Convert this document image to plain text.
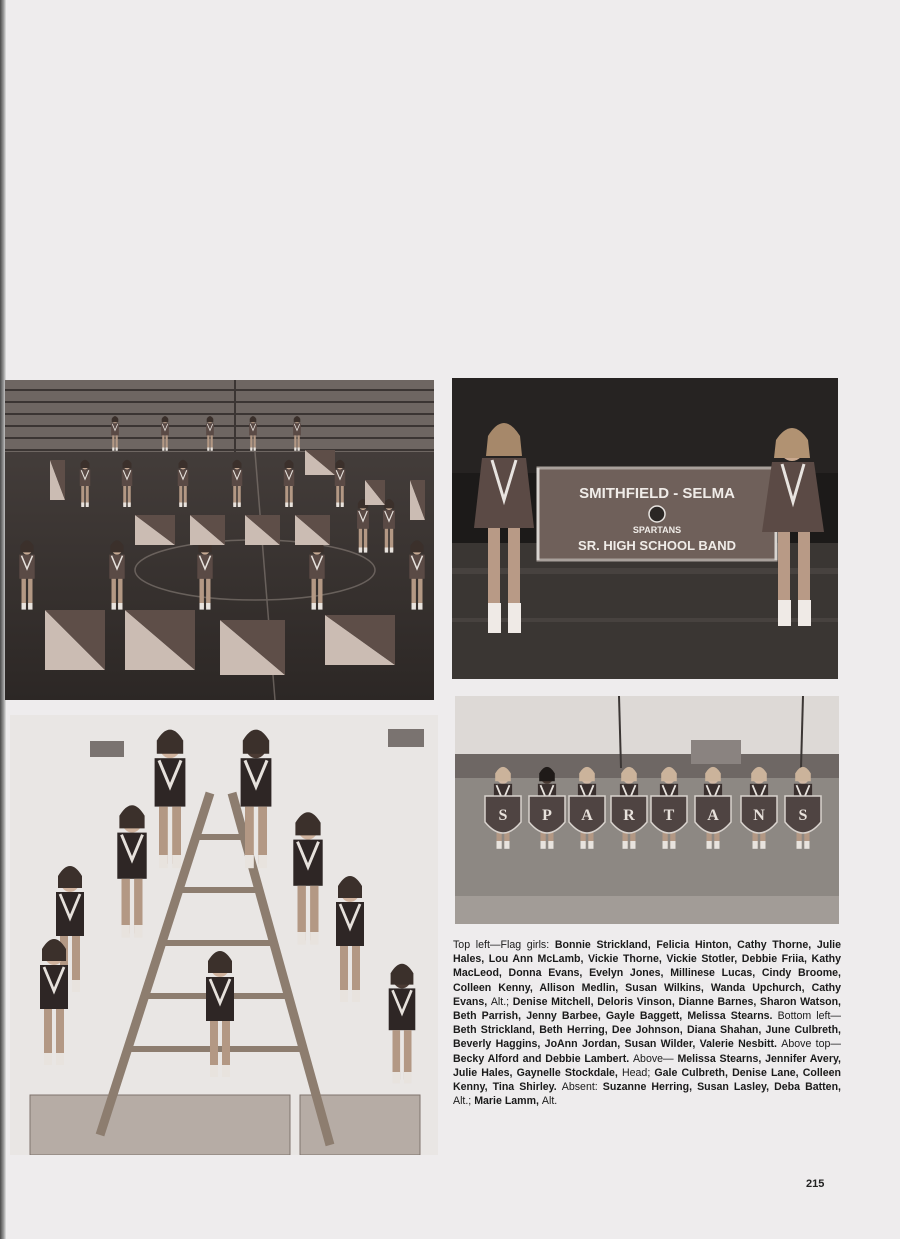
SMITHFIELD - SELMA
SPARTANS
SR. HIGH SCHOOL BAND
S P A R T A N S
Top left—Flag girls: Bonnie Strickland, Felicia Hinton, Cathy Thorne, Julie Hales, Lou Ann McLamb, Vickie Thorne, Vickie Stotler, Debbie Friia, Kathy MacLeod, Donna Evans, Evelyn Jones, Millinese Lucas, Cindy Broome, Colleen Kenny, Allison Medlin, Susan Wilkins, Wanda Upchurch, Cathy Evans, Alt.; Denise Mitchell, Deloris Vinson, Dianne Barnes, Sharon Watson, Beth Parrish, Jenny Barbee, Gayle Baggett, Melissa Stearns. Bottom left— Beth Strickland, Beth Herring, Dee Johnson, Diana Shahan, June Culbreth, Beverly Haggins, JoAnn Jordan, Susan Wilder, Valerie Nesbitt. Above top— Becky Alford and Debbie Lambert. Above— Melissa Stearns, Jennifer Avery, Julie Hales, Gaynelle Stockdale, Head; Gale Culbreth, Denise Lane, Colleen Kenny, Tina Shirley. Absent: Suzanne Herring, Susan Lasley, Deba Batten, Alt.; Marie Lamm, Alt.
215
